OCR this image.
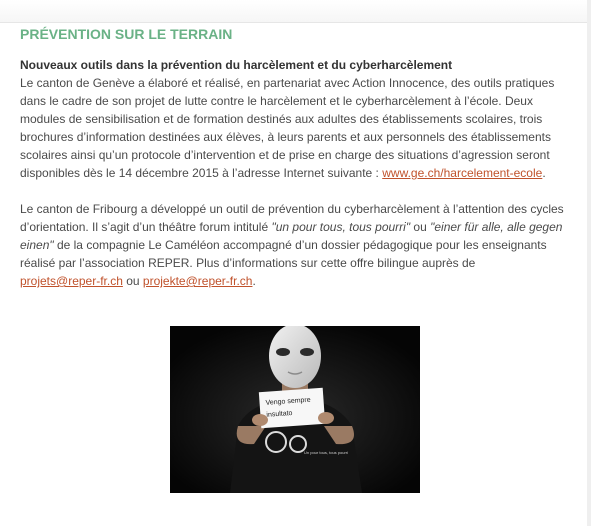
PRÉVENTION SUR LE TERRAIN
Nouveaux outils dans la prévention du harcèlement et du cyberharcèlement

Le canton de Genève a élaboré et réalisé, en partenariat avec Action Innocence, des outils pratiques dans le cadre de son projet de lutte contre le harcèlement et le cyberharcèlement à l’école. Deux modules de sensibilisation et de formation destinés aux adultes des établissements scolaires, trois brochures d’information destinées aux élèves, à leurs parents et aux personnels des établissements scolaires ainsi qu’un protocole d’intervention et de prise en charge des situations d’agression seront disponibles dès le 14 décembre 2015 à l’adresse Internet suivante : www.ge.ch/harcelement-ecole.

Le canton de Fribourg a développé un outil de prévention du cyberharcèlement à l’attention des cycles d’orientation. Il s’agit d’un théâtre forum intitulé "un pour tous, tous pourri" ou "einer für alle, alle gegen einen" de la compagnie Le Caméléon accompagné d’un dossier pédagogique pour les enseignants réalisé par l’association REPER. Plus d’informations sur cette offre bilingue auprès de
projets@reper-fr.ch ou projekte@reper-fr.ch.

Vengo sempre
insultato
Un pour tous, tous pourri
